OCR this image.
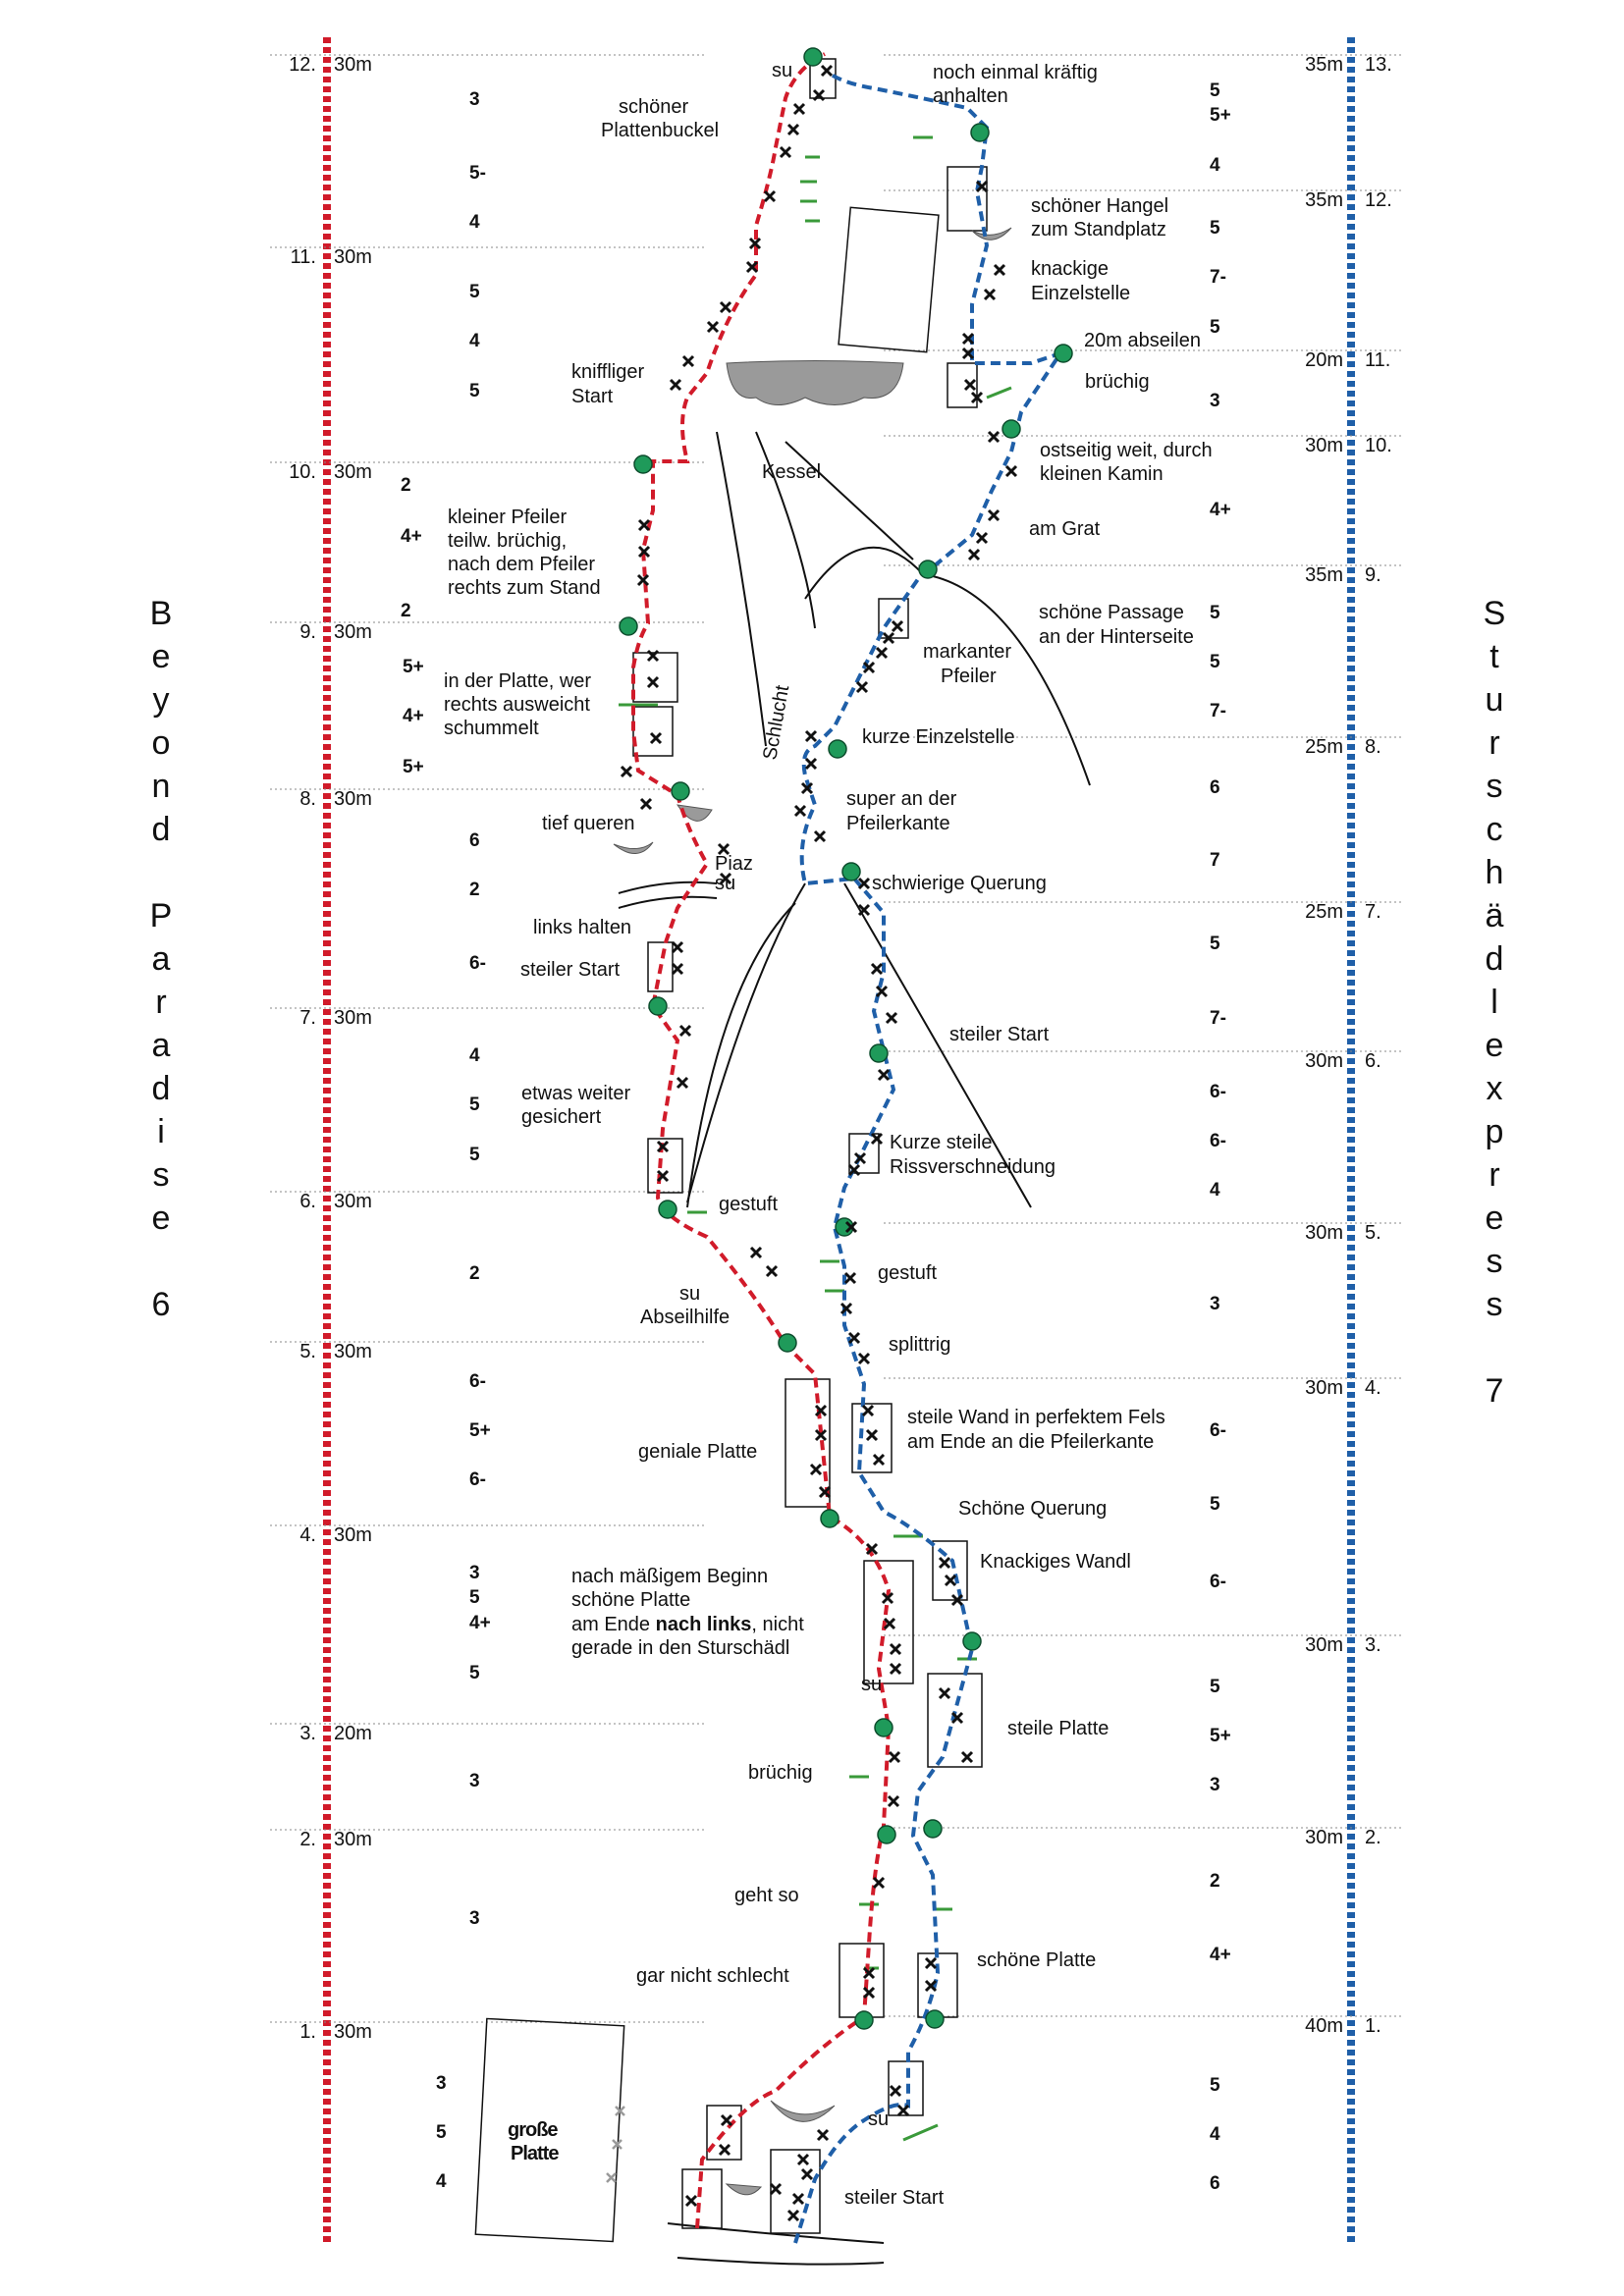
12. 30m
11. 30m
10. 30m
9. 30m
8. 30m
7. 30m
6. 30m
5. 30m
4. 30m
3. 20m
2. 30m
1. 30m
35m 13.
35m 12.
20m 11.
30m 10.
35m 9.
25m 8.
25m 7.
30m 6.
30m 5.
30m 4.
30m 3.
30m 2.
40m 1.
B
e
y
o
n
d
P
a
r
a
d
i
s
e
6
S
t
u
r
s
c
h
ä
d
l
e
x
p
r
e
s
s
7
3
5-
4
5
4
5
2
4+
2
5+
4+
5+
6
2
6-
4
5
5
2
6-
5+
6-
3
5
4+
5
3
3
3
5
4
5
5+
4
5
7-
5
3
4+
5
5
7-
6
7
5
7-
6-
6-
4
3
6-
5
6-
5
5+
3
2
4+
5
4
6
su	noch einmal kräftig
anhalten
schöner
Plattenbuckel
schöner Hangel
zum Standplatz
knackige
Einzelstelle
20m abseilen
brüchig
kniffliger
Start
Kessel
ostseitig weit, durch
kleinen Kamin
am Grat
kleiner Pfeiler
teilw. brüchig,
nach dem Pfeiler
rechts zum Stand
schöne Passage
an der Hinterseite
markanter
Pfeiler
in der Platte, wer
rechts ausweicht
schummelt	Schlucht	kurze Einzelstelle
super an der
Pfeilerkante
tief queren
Piaz
su	schwierige Querung
links halten
steiler Start
steiler Start
etwas weiter
gesichert
Kurze steile
Rissverschneidung
gestuft
gestuft
su
Abseilhilfe
splittrig
steile Wand in perfektem Fels
am Ende an die Pfeilerkante
geniale Platte
Schöne Querung
Knackiges Wandl
nach mäßigem Beginn
schöne Platte
am Ende nach links, nicht
gerade in den Sturschädl
su
steile Platte
brüchig
geht so
gar nicht schlecht
schöne Platte
große
Platte
su
steiler Start
